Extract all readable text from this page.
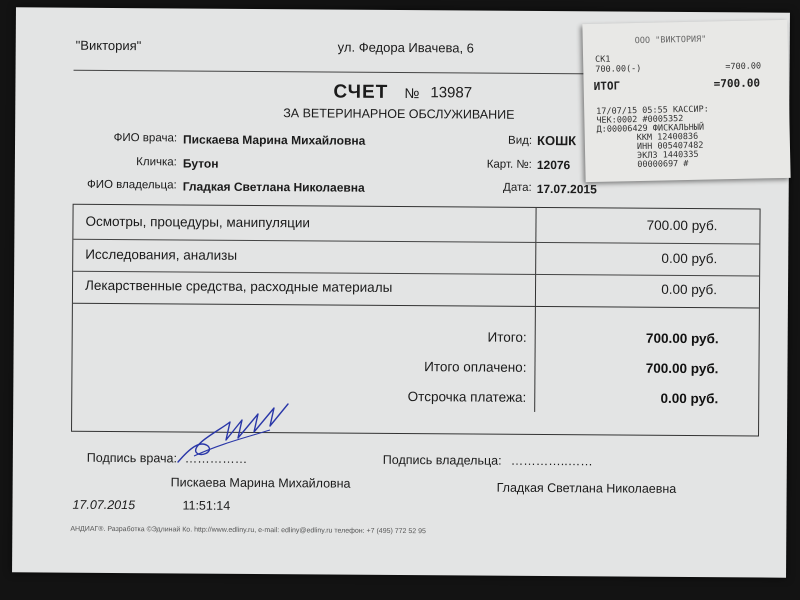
"Виктория"	ул. Федора Ивачева, 6
СЧЕТ № 13987
ЗА ВЕТЕРИНАРНОЕ ОБСЛУЖИВАНИЕ
ФИО врача: Пискаева Марина Михайловна
Кличка: Бутон
ФИО владельца: Гладкая Светлана Николаевна
Вид: КОШК
Карт. №: 12076
Дата: 17.07.2015
Осмотры, процедуры, манипуляции	700.00 руб.
Исследования, анализы	0.00 руб.
Лекарственные средства, расходные материалы	0.00 руб.
Итого:	700.00 руб.
Итого оплачено:	700.00 руб.
Отсрочка платежа:	0.00 руб.
Подпись врача: ……………	Подпись владельца: …………..……
Пискаева Марина Михайловна	Гладкая Светлана Николаевна
17.07.2015	11:51:14
АНДИАГ®. Разработка ©Эдлинай Ко. http://www.edliny.ru, e-mail: edliny@edliny.ru телефон: +7 (495) 772 52 95
ООО "ВИКТОРИЯ"
СК1
700.00(-)	=700.00
ИТОГ	=700.00
17/07/15 05:55 КАССИР:
ЧЕК:0002 #0005352
Д:00006429 ФИСКАЛЬНЫЙ
ККМ 12400836
ИНН 005407482
ЭКЛЗ 1440335
00000697 #
